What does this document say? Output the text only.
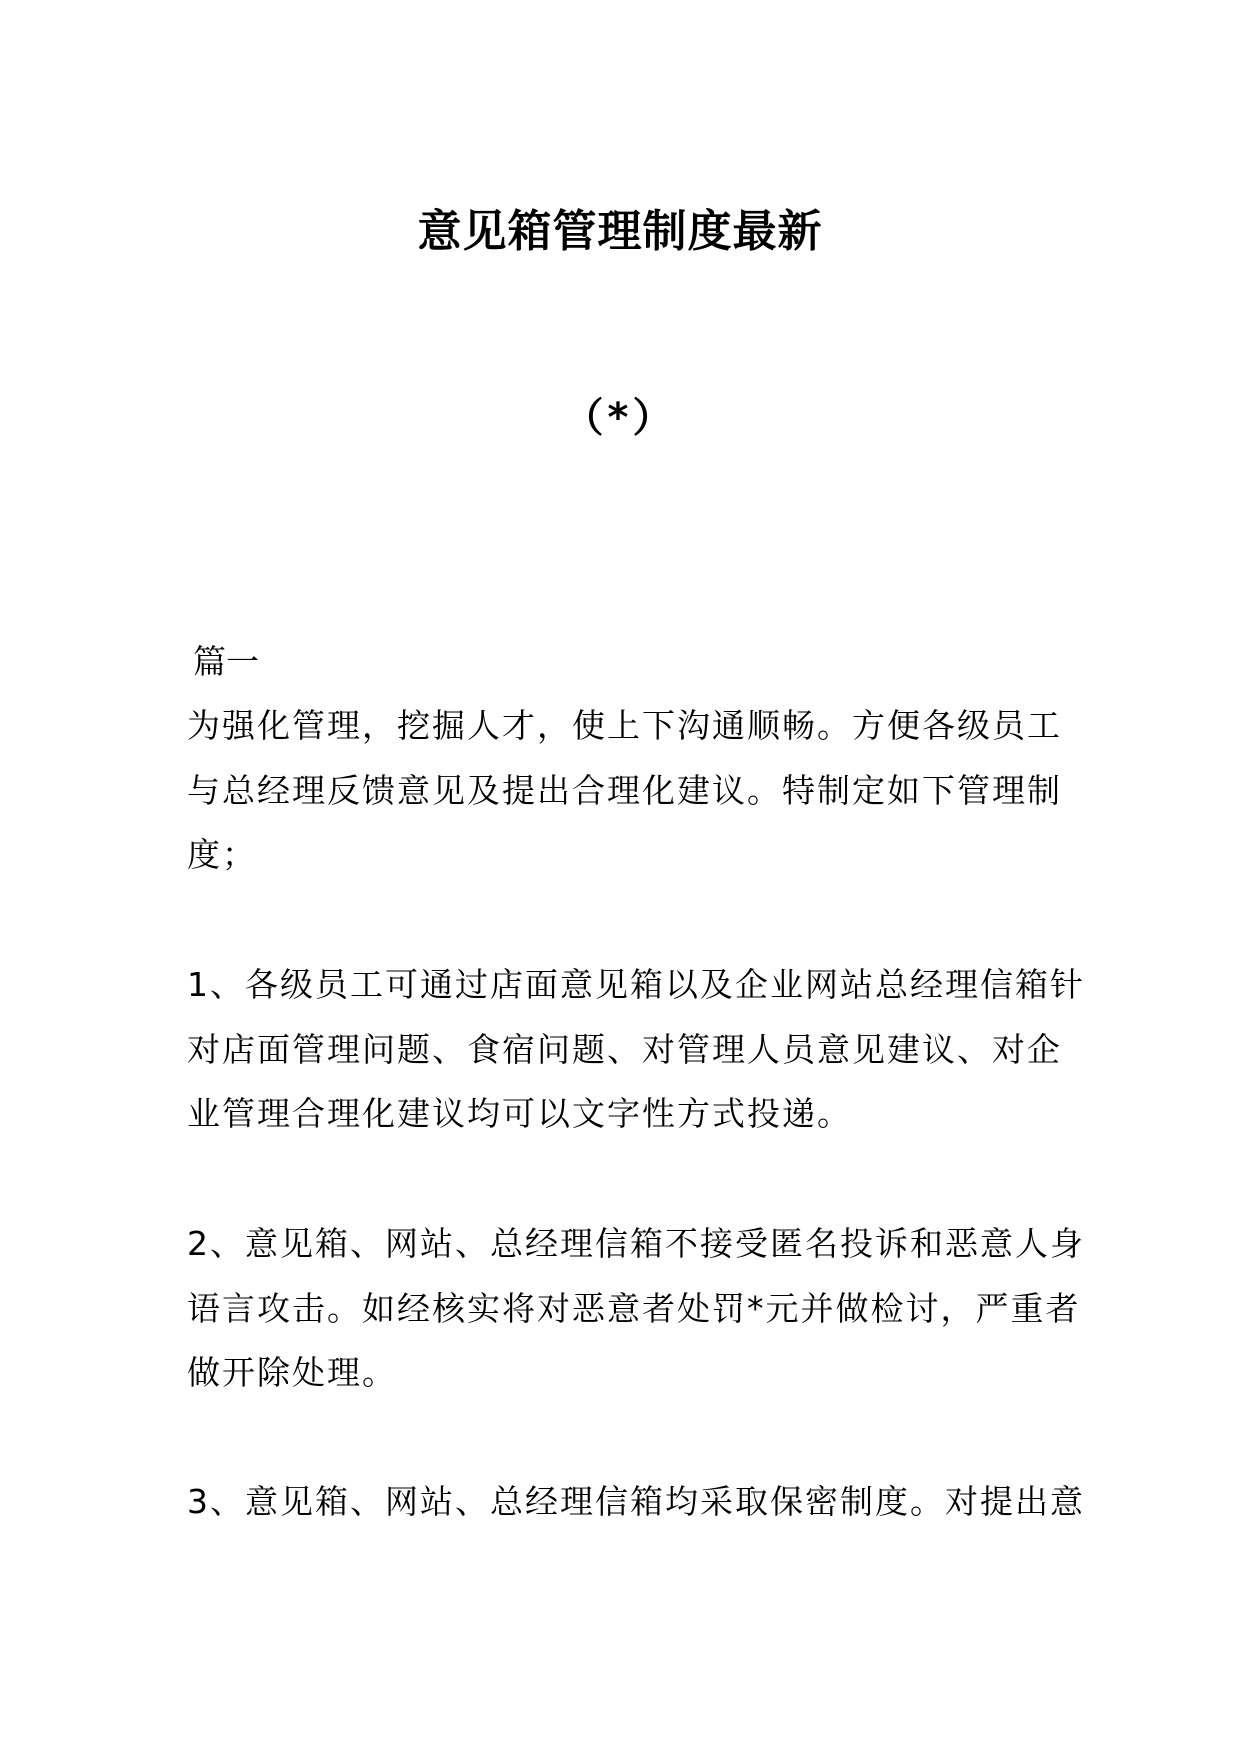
意见箱管理制度最新
（*）
篇一
为强化管理，挖掘人才，使上下沟通顺畅。方便各级员工
与总经理反馈意见及提出合理化建议。特制定如下管理制
度；
1、各级员工可通过店面意见箱以及企业网站总经理信箱针
对店面管理问题、食宿问题、对管理人员意见建议、对企
业管理合理化建议均可以文字性方式投递。
2、意见箱、网站、总经理信箱不接受匿名投诉和恶意人身
语言攻击。如经核实将对恶意者处罚*元并做检讨，严重者
做开除处理。
3、意见箱、网站、总经理信箱均采取保密制度。对提出意
